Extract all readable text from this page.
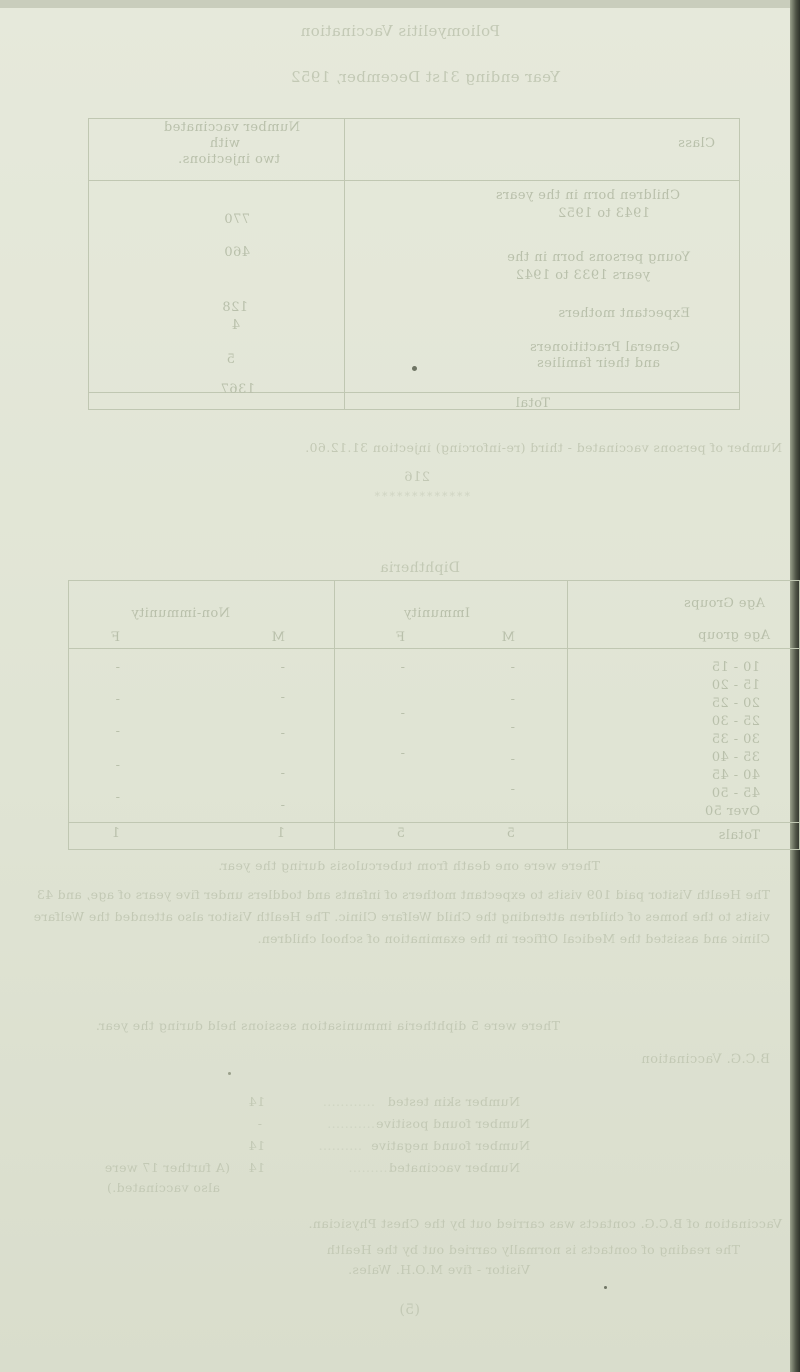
Poliomyelitis Vaccination
Year ending 31st December, 1952
Number vaccinated
with
two injections.
Class
770
Children born in the years
1943 to 1952
460	Young persons born in the
years 1933 to 1942
128	Expectant mothers
4
General Practitioners
and their families
5
1367
Total
Number of persons vaccinated - third (re-inforcing) injection 31.12.60.
216
*************
Diphtheria
Age Groups
Age group
Immunity
Non-immunity
M
F
M
F
10 - 15
15 - 20
20 - 25
25 - 30
30 - 35
35 - 40
40 - 45
45 - 50
Over 50
Totals
5
5
1
1
-
-
-
-
-
-
-
-
-
-
-
-
-
-
-
-
-
-
There were one death from tuberculosis during the year.
The Health Visitor paid 109 visits to expectant mothers of infants and toddlers under five years of age, and 43 visits to the homes of children attending the Child Welfare Clinic. The Health Visitor also attended the Welfare Clinic and assisted the Medical Officer in the examination of school children.
There were 5 diphtheria immunisation sessions held during the year.
B.C.G. Vaccination
Number skin tested
............
14
Number found positive
...........
-
Number found negative
..........
14
Number vaccinated
.............
14
(A further 17 were
also vaccinated.)
Vaccination of B.C.G. contacts was carried out by the Chest Physician.
The reading of contacts is normally carried out by the Health
Visitor - five M.O.H. Wales.
(5)
